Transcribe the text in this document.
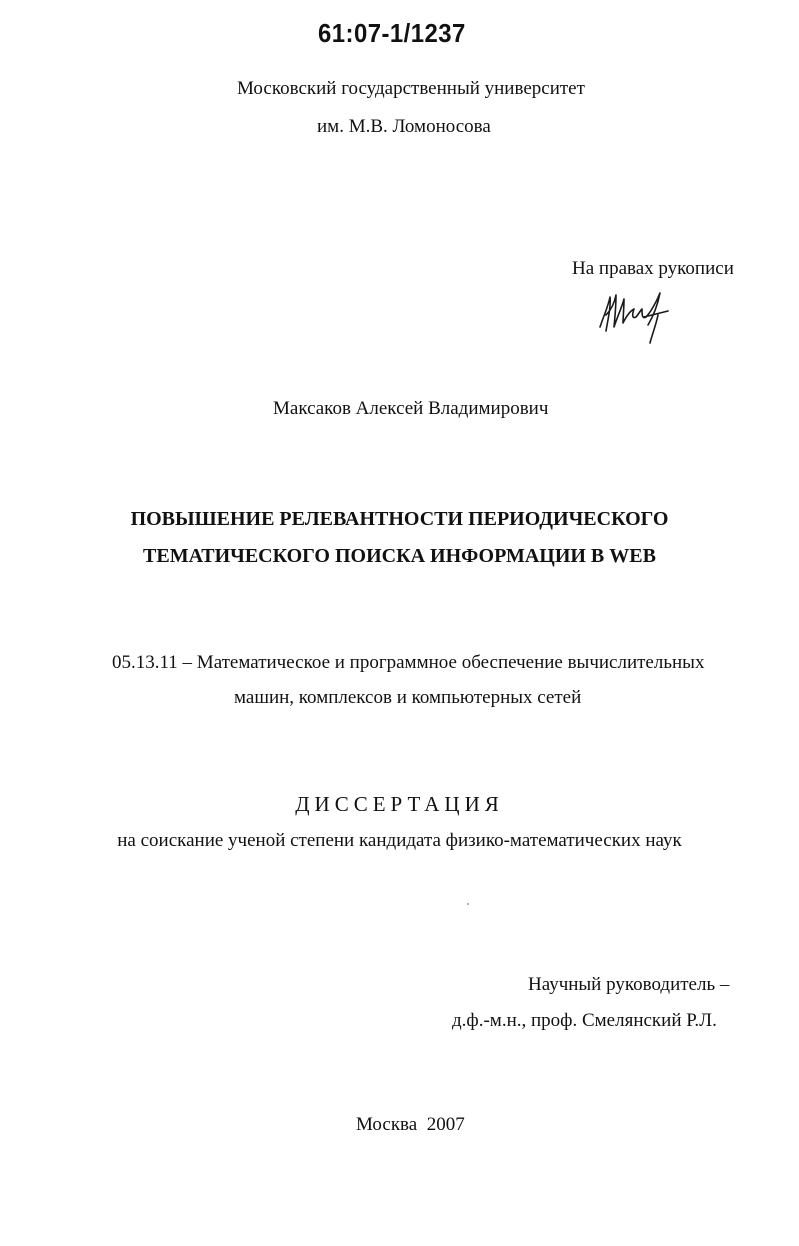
61:07-1/1237
Московский государственный университет
им. М.В. Ломоносова
На правах рукописи
Максаков Алексей Владимирович
ПОВЫШЕНИЕ РЕЛЕВАНТНОСТИ ПЕРИОДИЧЕСКОГО
ТЕМАТИЧЕСКОГО ПОИСКА ИНФОРМАЦИИ В WEB
05.13.11 – Математическое и программное обеспечение вычислительных
машин, комплексов и компьютерных сетей
ДИССЕРТАЦИЯ
на соискание ученой степени кандидата физико-математических наук
Научный руководитель –
д.ф.-м.н., проф. Смелянский Р.Л.
Москва  2007
